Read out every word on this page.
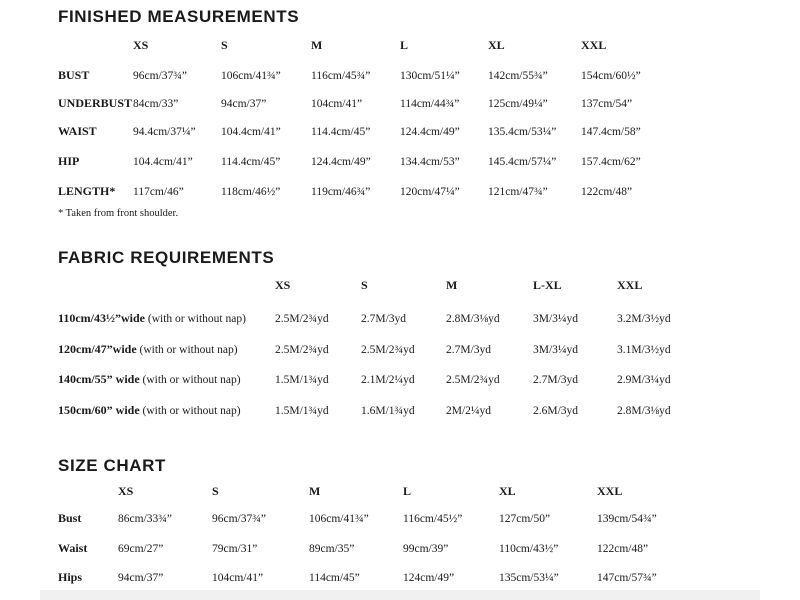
FINISHED MEASUREMENTS
XS	S	M	L	XL	XXL
BUST	96cm/37¾”	106cm/41¾”	116cm/45¾”	130cm/51¼” 142cm/55¾”	154cm/60½”
UNDERBUST 84cm/33”	94cm/37”	104cm/41”	114cm/44¾” 125cm/49¼”	137cm/54”
WAIST	94.4cm/37¼” 104.4cm/41”	114.4cm/45”	124.4cm/49” 135.4cm/53¼” 147.4cm/58”
HIP	104.4cm/41” 114.4cm/45”	124.4cm/49”	134.4cm/53” 145.4cm/57¼” 157.4cm/62”
LENGTH* 117cm/46”	118cm/46½”	119cm/46¾”	120cm/47¼” 121cm/47¾”	122cm/48”
* Taken from front shoulder.
FABRIC REQUIREMENTS
XS	S	M	L-XL	XXL
110cm/43½”wide (with or without nap)	2.5M/2¾yd	2.7M/3yd	2.8M/3⅛yd	3M/3¼yd	3.2M/3½yd
120cm/47”wide (with or without nap)	2.5M/2¾yd	2.5M/2¾yd	2.7M/3yd	3M/3¼yd	3.1M/3½yd
140cm/55” wide (with or without nap)	1.5M/1¾yd	2.1M/2¼yd	2.5M/2¾yd	2.7M/3yd	2.9M/3¼yd
150cm/60” wide (with or without nap)	1.5M/1¾yd	1.6M/1¾yd	2M/2¼yd	2.6M/3yd	2.8M/3⅛yd
SIZE CHART
XS	S	M	L	XL	XXL
Bust	86cm/33¾”	96cm/37¾”	106cm/41¾”	116cm/45½”	127cm/50”	139cm/54¾”
Waist	69cm/27”	79cm/31”	89cm/35”	99cm/39”	110cm/43½”	122cm/48”
Hips	94cm/37”	104cm/41”	114cm/45”	124cm/49”	135cm/53¼”	147cm/57¾”
